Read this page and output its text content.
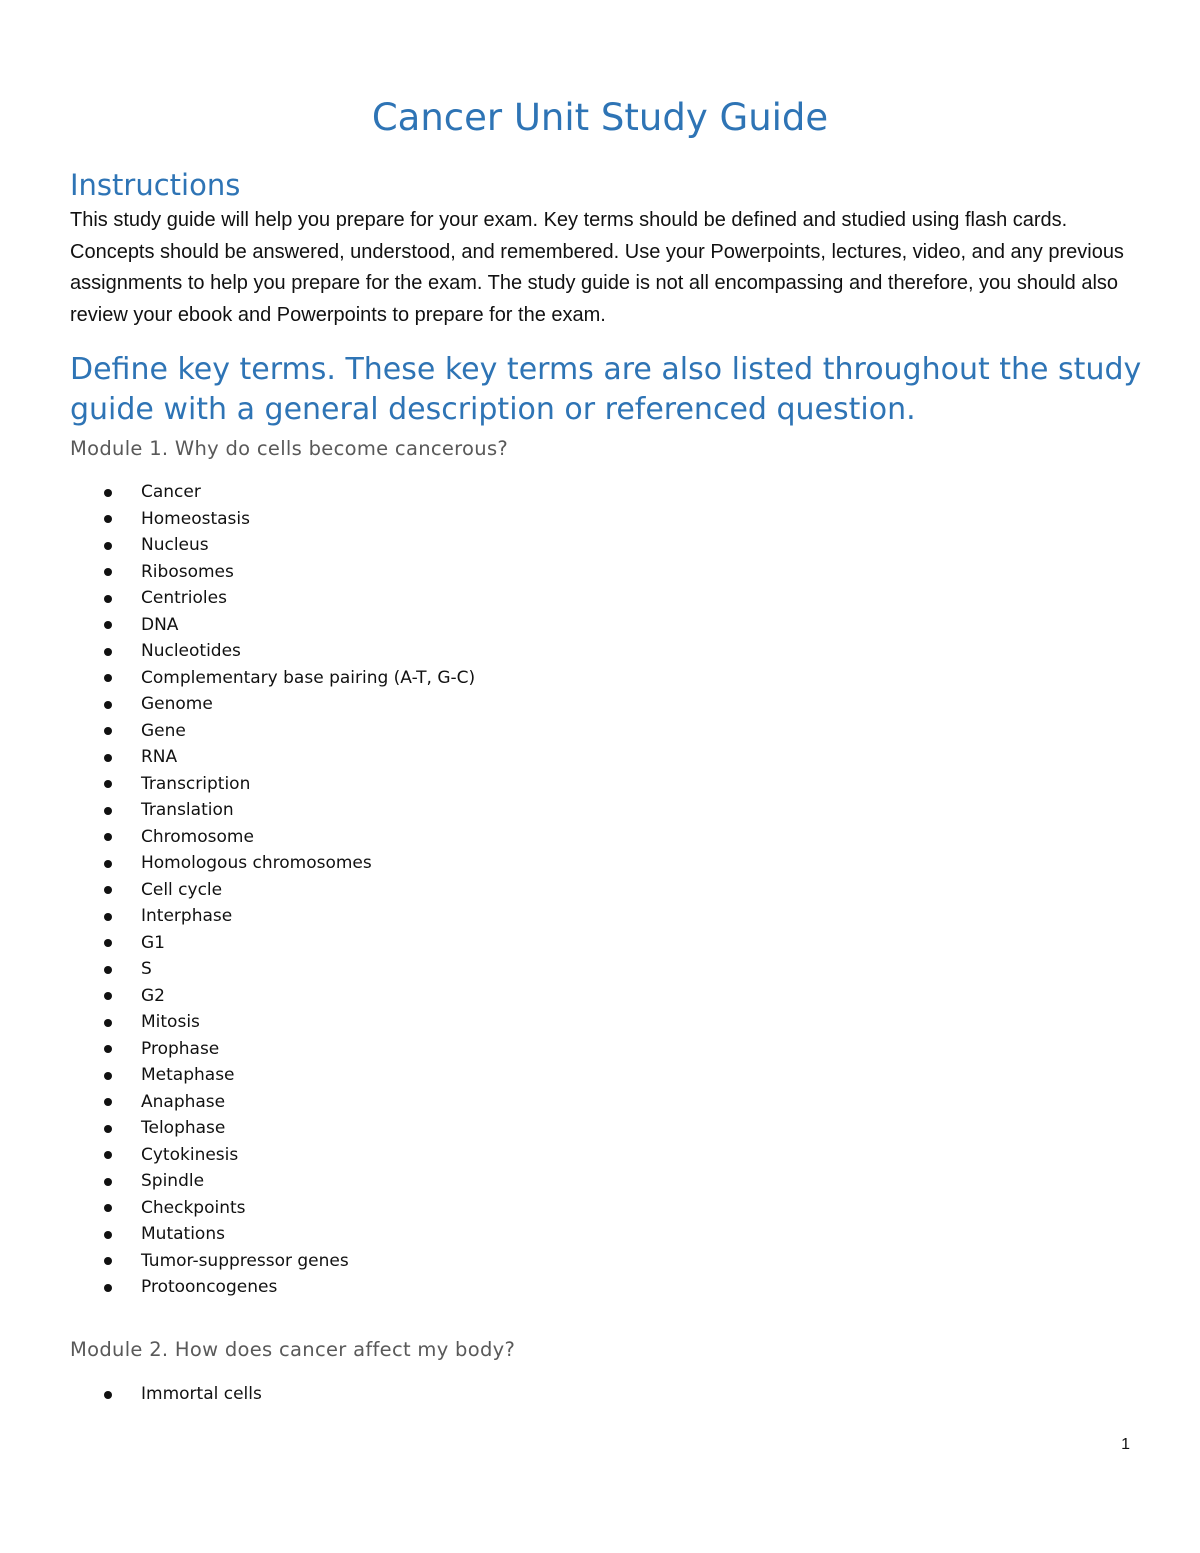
Cancer Unit Study Guide
Instructions

This study guide will help you prepare for your exam. Key terms should be defined and studied using flash cards. Concepts should be answered, understood, and remembered. Use your Powerpoints, lectures, video, and any previous assignments to help you prepare for the exam. The study guide is not all encompassing and therefore, you should also review your ebook and Powerpoints to prepare for the exam.

Define key terms. These key terms are also listed throughout the study guide with a general description or referenced question.
Module 1. Why do cells become cancerous?
Cancer
Homeostasis
Nucleus
Ribosomes
Centrioles
DNA
Nucleotides
Complementary base pairing (A-T, G-C)
Genome
Gene
RNA
Transcription
Translation
Chromosome
Homologous chromosomes
Cell cycle
Interphase
G1
S
G2
Mitosis
Prophase
Metaphase
Anaphase
Telophase
Cytokinesis
Spindle
Checkpoints
Mutations
Tumor-suppressor genes
Protooncogenes
Module 2. How does cancer affect my body?
Immortal cells
1
